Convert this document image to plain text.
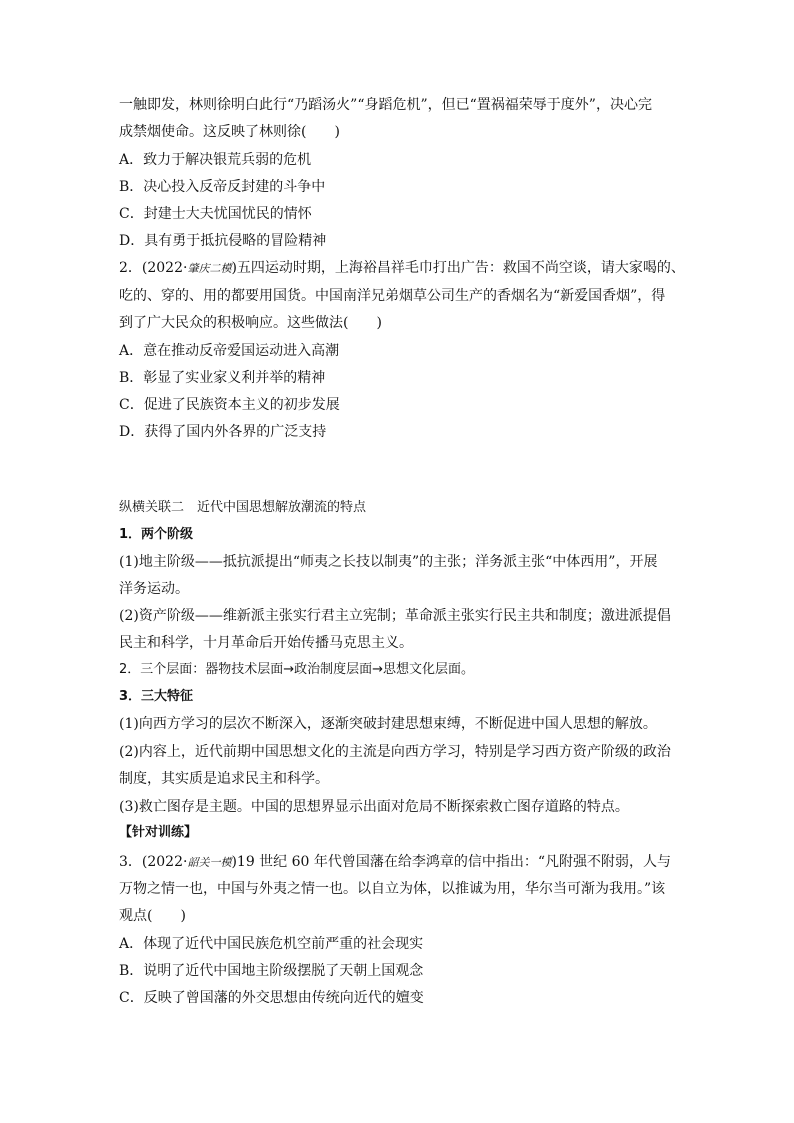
一触即发，林则徐明白此行“乃蹈汤火”“身蹈危机”，但已“置祸福荣辱于度外”，决心完
成禁烟使命。这反映了林则徐(　　)
A．致力于解决银荒兵弱的危机
B．决心投入反帝反封建的斗争中
C．封建士大夫忧国忧民的情怀
D．具有勇于抵抗侵略的冒险精神
2．(2022·肇庆二模)五四运动时期，上海裕昌祥毛巾打出广告：救国不尚空谈，请大家喝的、
吃的、穿的、用的都要用国货。中国南洋兄弟烟草公司生产的香烟名为“新爱国香烟”，得
到了广大民众的积极响应。这些做法(　　)
A．意在推动反帝爱国运动进入高潮
B．彰显了实业家义利并举的精神
C．促进了民族资本主义的初步发展
D．获得了国内外各界的广泛支持
纵横关联二　近代中国思想解放潮流的特点
1．两个阶级
(1)地主阶级——抵抗派提出“师夷之长技以制夷”的主张；洋务派主张“中体西用”，开展
洋务运动。
(2)资产阶级——维新派主张实行君主立宪制；革命派主张实行民主共和制度；激进派提倡
民主和科学，十月革命后开始传播马克思主义。
2．三个层面：器物技术层面→政治制度层面→思想文化层面。
3．三大特征
(1)向西方学习的层次不断深入，逐渐突破封建思想束缚，不断促进中国人思想的解放。
(2)内容上，近代前期中国思想文化的主流是向西方学习，特别是学习西方资产阶级的政治
制度，其实质是追求民主和科学。
(3)救亡图存是主题。中国的思想界显示出面对危局不断探索救亡图存道路的特点。
【针对训练】
3．(2022·韶关一模)19 世纪 60 年代曾国藩在给李鸿章的信中指出：“凡附强不附弱，人与
万物之情一也，中国与外夷之情一也。以自立为体，以推诚为用，华尔当可渐为我用。”该
观点(　　)
A．体现了近代中国民族危机空前严重的社会现实
B．说明了近代中国地主阶级摆脱了天朝上国观念
C．反映了曾国藩的外交思想由传统向近代的嬗变
